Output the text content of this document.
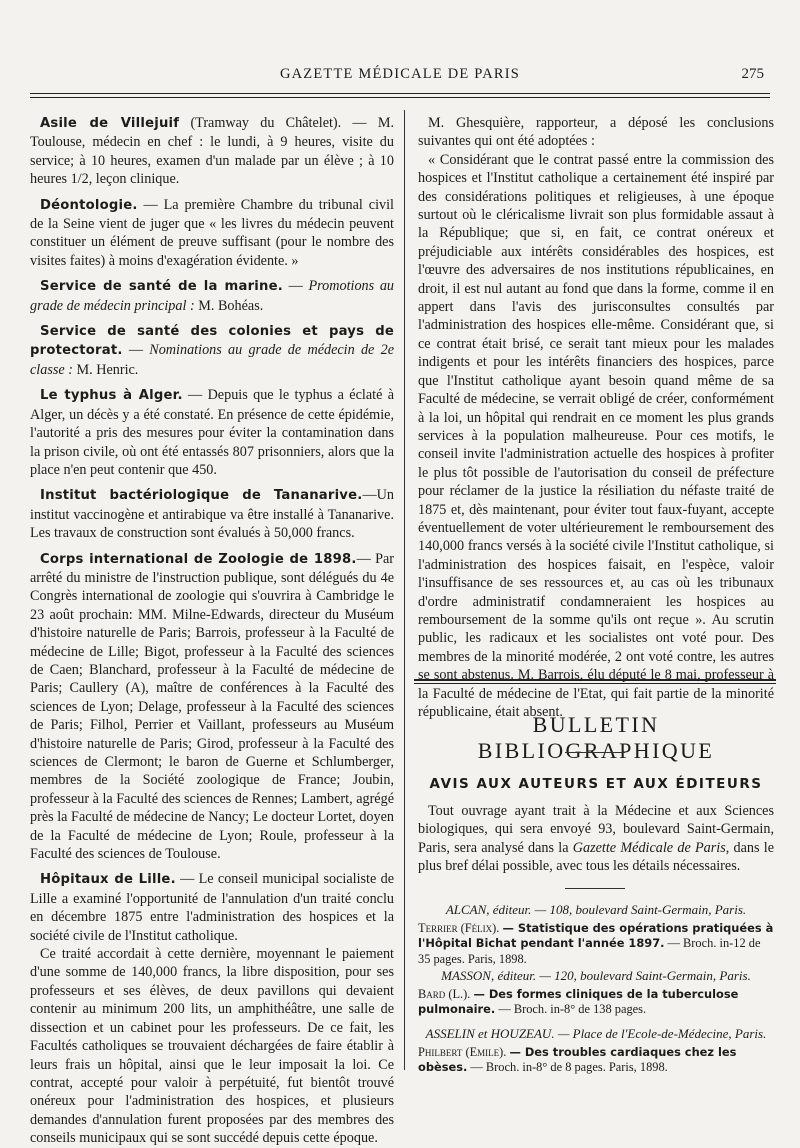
GAZETTE MÉDICALE DE PARIS	275

Asile de Villejuif (Tramway du Châtelet). — M. Toulouse, médecin en chef : le lundi, à 9 heures, visite du service; à 10 heures, examen d'un malade par un élève ; à 10 heures 1/2, leçon clinique.

Déontologie. — La première Chambre du tribunal civil de la Seine vient de juger que « les livres du médecin peuvent constituer un élément de preuve suffisant (pour le nombre des visites faites) à moins d'exagération évidente. »

Service de santé de la marine. — Promotions au grade de médecin principal : M. Bohéas.

Service de santé des colonies et pays de protectorat. — Nominations au grade de médecin de 2e classe : M. Henric.

Le typhus à Alger. — Depuis que le typhus a éclaté à Alger, un décès y a été constaté. En présence de cette épidémie, l'autorité a pris des mesures pour éviter la contamination dans la prison civile, où ont été entassés 807 prisonniers, alors que la place n'en peut contenir que 450.

Institut bactériologique de Tananarive.—Un institut vaccinogène et antirabique va être installé à Tananarive. Les travaux de construction sont évalués à 50,000 francs.

Corps international de Zoologie de 1898.— Par arrêté du ministre de l'instruction publique, sont délégués du 4e Congrès international de zoologie qui s'ouvrira à Cambridge le 23 août prochain: MM. Milne-Edwards, directeur du Muséum d'histoire naturelle de Paris; Barrois, professeur à la Faculté de médecine de Lille; Bigot, professeur à la Faculté des sciences de Caen; Blanchard, professeur à la Faculté de médecine de Paris; Caullery (A), maître de conférences à la Faculté des sciences de Lyon; Delage, professeur à la Faculté des sciences de Paris; Filhol, Perrier et Vaillant, professeurs au Muséum d'histoire naturelle de Paris; Girod, professeur à la Faculté des sciences de Clermont; le baron de Guerne et Schlumberger, membres de la Société zoologique de France; Joubin, professeur à la Faculté des sciences de Rennes; Lambert, agrégé près la Faculté de médecine de Nancy; Le docteur Lortet, doyen de la Faculté de médecine de Lyon; Roule, professeur à la Faculté des sciences de Toulouse.

Hôpitaux de Lille. — Le conseil municipal socialiste de Lille a examiné l'opportunité de l'annulation d'un traité conclu en décembre 1875 entre l'administration des hospices et la société civile de l'Institut catholique.

Ce traité accordait à cette dernière, moyennant le paiement d'une somme de 140,000 francs, la libre disposition, pour ses professeurs et ses élèves, de deux pavillons qui devaient contenir au minimum 200 lits, un amphithéâtre, une salle de dissection et un cabinet pour les professeurs. De ce fait, les Facultés catholiques se trouvaient déchargées de faire établir à leurs frais un hôpital, ainsi que le leur imposait la loi. Ce contrat, accepté pour valoir à perpétuité, fut bientôt trouvé onéreux pour l'administration des hospices, et plusieurs demandes d'annulation furent proposées par des membres des conseils municipaux qui se sont succédé depuis cette époque.

M. Ghesquière, rapporteur, a déposé les conclusions suivantes qui ont été adoptées :

« Considérant que le contrat passé entre la commission des hospices et l'Institut catholique a certainement été inspiré par des considérations politiques et religieuses, à une époque surtout où le cléricalisme livrait son plus formidable assaut à la République; que si, en fait, ce contrat onéreux et préjudiciable aux intérêts considérables des hospices, est l'œuvre des adversaires de nos institutions républicaines, en droit, il est nul autant au fond que dans la forme, comme il en appert dans l'avis des jurisconsultes consultés par l'administration des hospices elle-même. Considérant que, si ce contrat était brisé, ce serait tant mieux pour les malades indigents et pour les intérêts financiers des hospices, parce que l'Institut catholique ayant besoin quand même de sa Faculté de médecine, se verrait obligé de créer, conformément à la loi, un hôpital qui rendrait en ce moment les plus grands services à la population malheureuse. Pour ces motifs, le conseil invite l'administration actuelle des hospices à profiter le plus tôt possible de l'autorisation du conseil de préfecture pour réclamer de la justice la résiliation du néfaste traité de 1875 et, dès maintenant, pour éviter tout faux-fuyant, accepte éventuellement de voter ultérieurement le remboursement des 140,000 francs versés à la société civile l'Institut catholique, si l'administration des hospices faisait, en l'espèce, valoir l'insuffisance de ses ressources et, au cas où les tribunaux d'ordre administratif condamneraient les hospices au remboursement de la somme qu'ils ont reçue ». Au scrutin public, les radicaux et les socialistes ont voté pour. Des membres de la minorité modérée, 2 ont voté contre, les autres se sont abstenus. M. Barrois, élu député le 8 mai, professeur à la Faculté de médecine de l'Etat, qui fait partie de la minorité républicaine, était absent.

BULLETIN BIBLIOGRAPHIQUE
AVIS AUX AUTEURS ET AUX ÉDITEURS

Tout ouvrage ayant trait à la Médecine et aux Sciences biologiques, qui sera envoyé 93, boulevard Saint-Germain, Paris, sera analysé dans la Gazette Médicale de Paris, dans le plus bref délai possible, avec tous les détails nécessaires.

ALCAN, éditeur. — 108, boulevard Saint-Germain, Paris.
Terrier (Félix). — Statistique des opérations pratiquées à l'Hôpital Bichat pendant l'année 1897. — Broch. in-12 de 35 pages. Paris, 1898.
MASSON, éditeur. — 120, boulevard Saint-Germain, Paris.
Bard (L.). — Des formes cliniques de la tuberculose pulmonaire. — Broch. in-8° de 138 pages.
ASSELIN et HOUZEAU. — Place de l'Ecole-de-Médecine, Paris.
Philbert (Emile). — Des troubles cardiaques chez les obèses. — Broch. in-8° de 8 pages. Paris, 1898.
